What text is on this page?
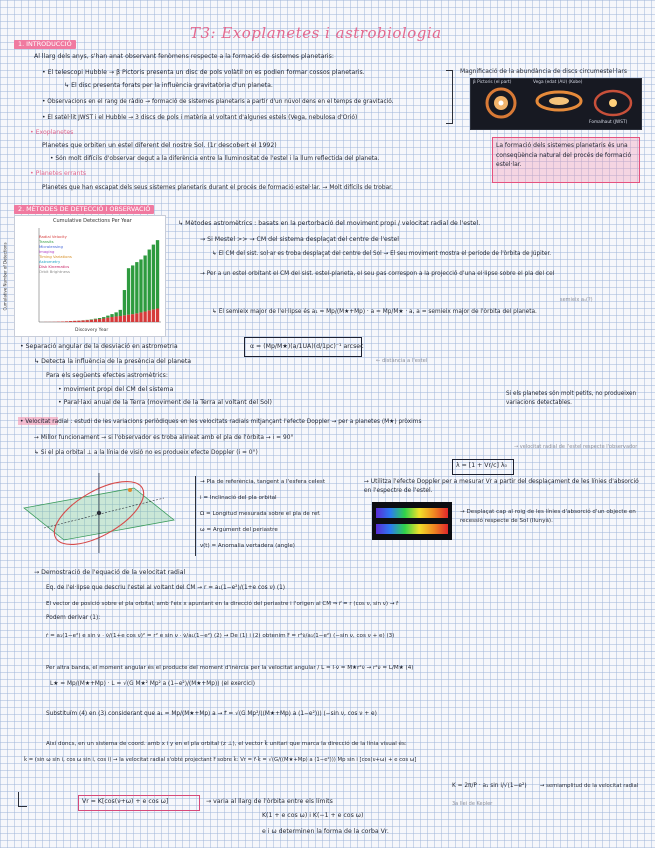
T3: Exoplanetes i astrobiologia
1. INTRODUCCIÓ
Al llarg dels anys, s'han anat observant fenòmens respecte a la formació de sistemes planetaris:
• El telescopi Hubble → β Pictoris presenta un disc de pols volàtil on es podien formar cossos planetaris.
↳ El disc presenta forats per la influència gravitatòria d'un planeta.
• Observacions en el rang de ràdio → formació de sistemes planetaris a partir d'un núvol dens en el temps de gravitació.
• El satèl·lit JWST i el Hubble → 3 discs de pols i matèria al voltant d'algunes estels (Vega, nebulosa d'Orió)
• Exoplanetes
Planetes que orbiten un estel diferent del nostre Sol. (1r descobert el 1992)
• Són molt difícils d'observar degut a la diferència entre la lluminositat de l'estel i la llum reflectida del planeta.
• Planetes errants
Planetes que han escapat dels seus sistemes planetaris durant el procés de formació estel·lar. → Molt difícils de trobar.
Magnificació de la abundància de discs circumestel·lars
β Pictoris (el part)	Vega (edat (AU) (Kobe)
Fomalhaut (JWST)
La formació dels sistemes planetaris és una conseqüència natural del procés de formació estel·lar.
2. MÈTODES DE DETECCIÓ I OBSERVACIÓ
Cumulative Detections Per Year
Discovery Year
Cumulative Number of Detections
Radial Velocity
Transits
Microlensing
Imaging
Timing Variations
Astrometry
Disk Kinematics
Orbit Brightness
↳ Mètodes astromètrics : basats en la pertorbació del moviment propi / velocitat radial de l'estel.
→ Si Mestel >> → CM del sistema desplaçat del centre de l'estel
↳ El CM del sist. sol·ar es troba desplaçat del centre del Sol → El seu moviment mostra el període de l'òrbita de Júpiter.
→ Per a un estel orbitant el CM del sist. estel-planeta, el seu pas correspon a la projecció d'una el·lipse sobre el pla del cel
semieix a₁(?)
↳ El semieix major de l'el·lipse és a₁ = Mp/(M★+Mp) · a ≈ Mp/M★ · a, a = semieix major de l'òrbita del planeta.
• Separació angular de la desviació en astrometria	α = (Mp/M★)(a/1UA)(d/1pc)⁻¹ arcsec
← distància a l'estel
↳ Detecta la influència de la presència del planeta
Para els següents efectes astromètrics:
• moviment propi del CM del sistema
• Paral·laxi anual de la Terra (moviment de la Terra al voltant del Sol)
Si els planetes són molt petits, no produeixen variacions detectables.
• Velocitat radial : estudi de les variacions periòdiques en les velocitats radials mitjançant l'efecte Doppler → per a planetes (M★) pròxims
→ Millor funcionament → si l'observador es troba alineat amb el pla de l'òrbita → i = 90°
↳ Si el pla orbital ⊥ a la línia de visió no es produeix efecte Doppler (i = 0°)
λ = [1 + Vr/c] λ₀
→ velocitat radial de l'estel respecte l'observador
→ Pla de referència, tangent a l'esfera celest
i = Inclinació del pla orbital
Ω = Longitud mesurada sobre el pla de ref.
ω = Argument del periastre
ν(t) = Anomalia vertadera (angle)
→ Utilitza l'efecte Doppler per a mesurar Vr a partir del desplaçament de les línies d'absorció en l'espectre de l'estel.
→ Desplaçat cap al roig de les línies d'absorció d'un objecte en recessió respecte de Sol (llunyà).
→ Demostració de l'equació de la velocitat radial
Eq. de l'el·lipse que descriu l'estel al voltant del CM → r = a₁(1−e²)/(1+e cos ν) (1)
El vector de posició sobre el pla orbital, amb l'eix x apuntant en la direcció del periastre i l'origen al CM ⇒ r⃗ = r (cos ν, sin ν) → ṙ⃗
Podem derivar (1):
ṙ = a₁(1−e²) e sin ν · ν̇/(1+e cos ν)² = r² e sin ν · ν̇/a₁(1−e²) (2) → De (1) i (2) obtenim ṙ⃗ = r²ν̇/a₁(1−e²) (−sin ν, cos ν + e) (3)
Per altra banda, el moment angular és el producte del moment d'inèrcia per la velocitat angular / L = I·ν̇ = M★r²ν̇ → r²ν̇ = L/M★ (4)
L★ = Mp/(M★+Mp) · L = √(G M★² Mp² a (1−e²)/(M★+Mp)) (el exercici)
Substituïm (4) en (3) considerant que a₁ = Mp/(M★+Mp) a → ṙ⃗ = √(G Mp²/((M★+Mp) a (1−e²))) (−sin ν, cos ν + e)
Així doncs, en un sistema de coord. amb x i y en el pla orbital (z ⊥), el vector k̂ unitari que marca la direcció de la línia visual és:
k̂ = (sin ω sin i, cos ω sin i, cos i) → la velocitat radial s'obté projectant ṙ⃗ sobre k̂: Vr = ṙ⃗·k̂ = √(G/((M★+Mp) a (1−e²))) Mp sin i [cos(ν+ω) + e cos ω]
K = 2π/P · a₁ sin i/√(1−e²)	→ semiamplitud de la velocitat radial
3a llei de Kepler
Vr = K[cos(ν+ω) + e cos ω]	→ varia al llarg de l'òrbita entre els límits
K(1 + e cos ω) i K(−1 + e cos ω)
e i ω determinen la forma de la corba Vr.
